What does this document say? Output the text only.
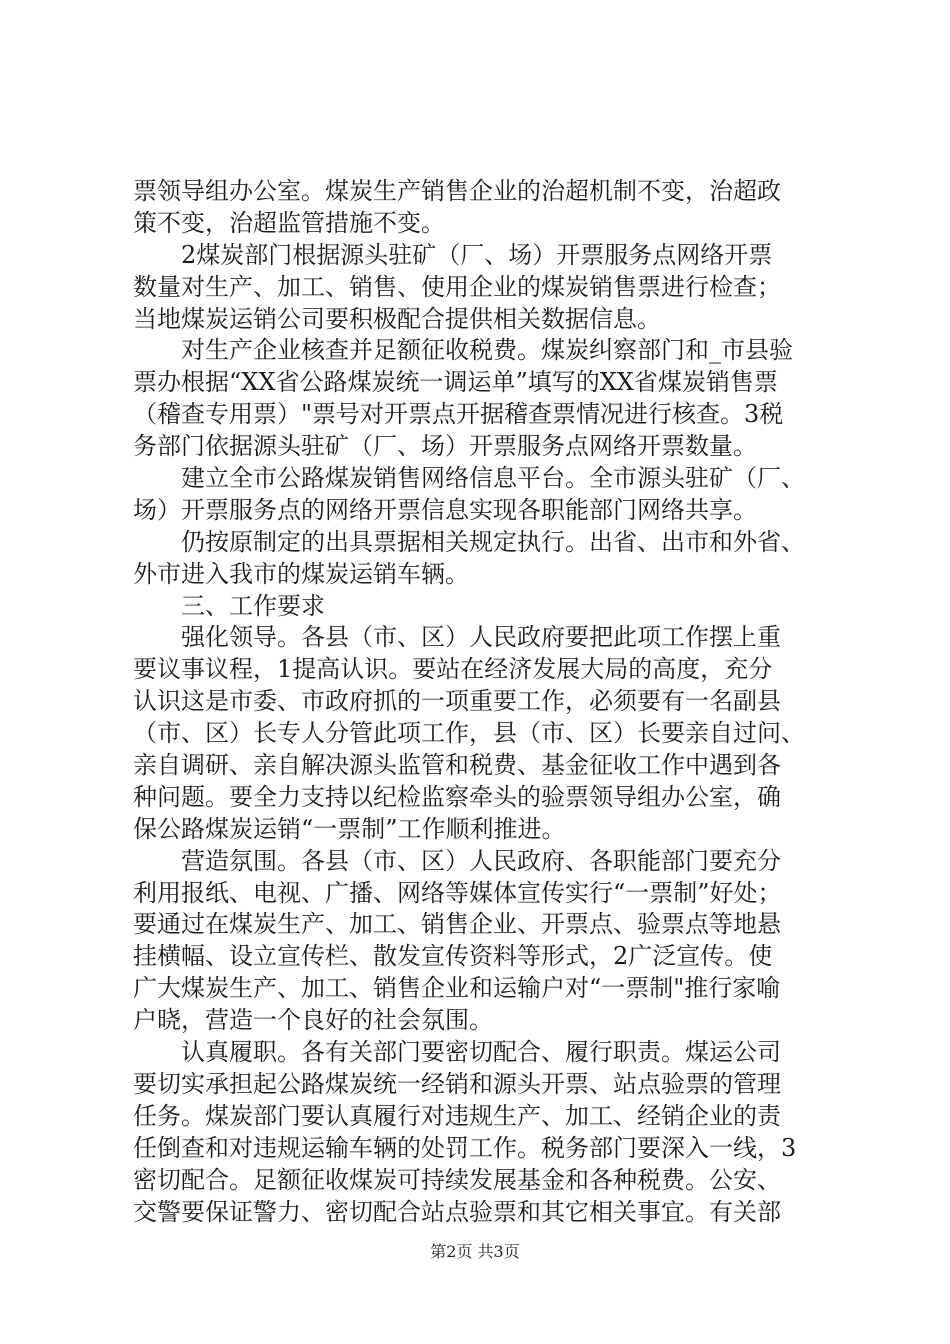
票领导组办公室。煤炭生产销售企业的治超机制不变，治超政
策不变，治超监管措施不变。
　　2煤炭部门根据源头驻矿（厂、场）开票服务点网络开票
数量对生产、加工、销售、使用企业的煤炭销售票进行检查；
当地煤炭运销公司要积极配合提供相关数据信息。
　　对生产企业核查并足额征收税费。煤炭纠察部门和_市县验
票办根据“XX省公路煤炭统一调运单”填写的XX省煤炭销售票
（稽查专用票）"票号对开票点开据稽查票情况进行核查。3税
务部门依据源头驻矿（厂、场）开票服务点网络开票数量。
　　建立全市公路煤炭销售网络信息平台。全市源头驻矿（厂、
场）开票服务点的网络开票信息实现各职能部门网络共享。
　　仍按原制定的出具票据相关规定执行。出省、出市和外省、
外市进入我市的煤炭运销车辆。
　　三、工作要求
　　强化领导。各县（市、区）人民政府要把此项工作摆上重
要议事议程，1提高认识。要站在经济发展大局的高度，充分
认识这是市委、市政府抓的一项重要工作，必须要有一名副县
（市、区）长专人分管此项工作，县（市、区）长要亲自过问、
亲自调研、亲自解决源头监管和税费、基金征收工作中遇到各
种问题。要全力支持以纪检监察牵头的验票领导组办公室，确
保公路煤炭运销“一票制”工作顺利推进。
　　营造氛围。各县（市、区）人民政府、各职能部门要充分
利用报纸、电视、广播、网络等媒体宣传实行“一票制”好处；
要通过在煤炭生产、加工、销售企业、开票点、验票点等地悬
挂横幅、设立宣传栏、散发宣传资料等形式，2广泛宣传。使
广大煤炭生产、加工、销售企业和运输户对“一票制"推行家喻
户晓，营造一个良好的社会氛围。
　　认真履职。各有关部门要密切配合、履行职责。煤运公司
要切实承担起公路煤炭统一经销和源头开票、站点验票的管理
任务。煤炭部门要认真履行对违规生产、加工、经销企业的责
任倒查和对违规运输车辆的处罚工作。税务部门要深入一线，3
密切配合。足额征收煤炭可持续发展基金和各种税费。公安、
交警要保证警力、密切配合站点验票和其它相关事宜。有关部
第2页 共3页
